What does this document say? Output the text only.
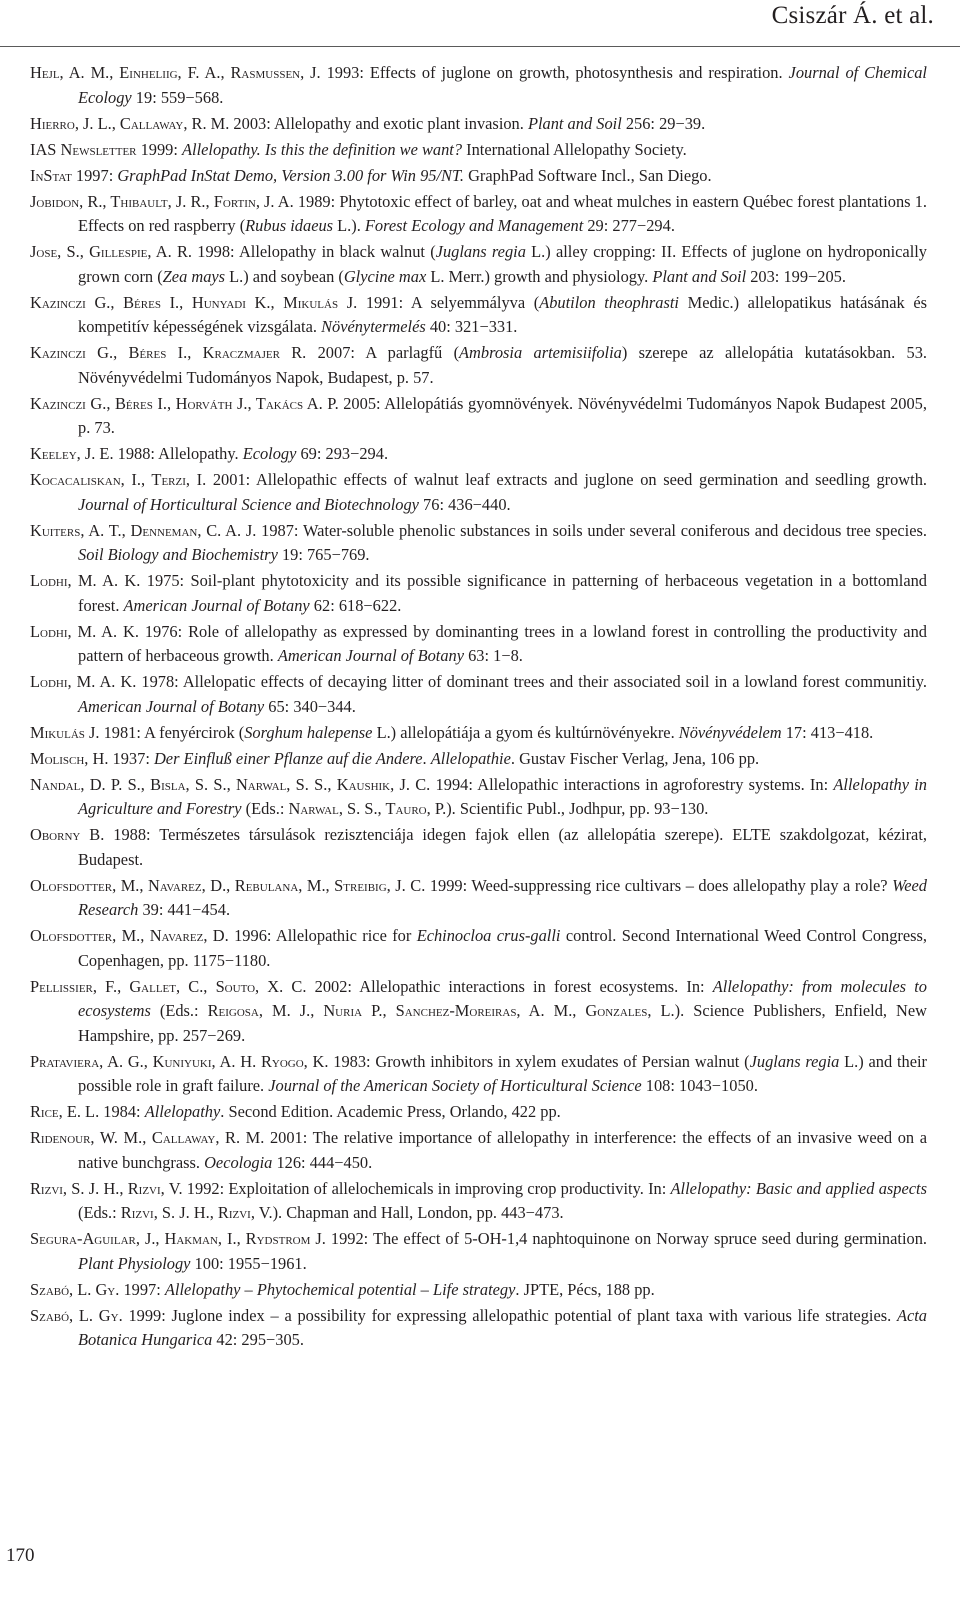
Csiszár Á. et al.

Hejl, A. M., Einheliig, F. A., Rasmussen, J. 1993: Effects of juglone on growth, photosynthesis and respiration. Journal of Chemical Ecology 19: 559−568.

Hierro, J. L., Callaway, R. M. 2003: Allelopathy and exotic plant invasion. Plant and Soil 256: 29−39.

IAS Newsletter 1999: Allelopathy. Is this the definition we want? International Allelopathy Society.

InStat 1997: GraphPad InStat Demo, Version 3.00 for Win 95/NT. GraphPad Software Incl., San Diego.

Jobidon, R., Thibault, J. R., Fortin, J. A. 1989: Phytotoxic effect of barley, oat and wheat mulches in eastern Québec forest plantations 1. Effects on red raspberry (Rubus idaeus L.). Forest Ecology and Management 29: 277−294.

Jose, S., Gillespie, A. R. 1998: Allelopathy in black walnut (Juglans regia L.) alley cropping: II. Effects of juglone on hydroponically grown corn (Zea mays L.) and soybean (Glycine max L. Merr.) growth and physiology. Plant and Soil 203: 199−205.

Kazinczi G., Béres I., Hunyadi K., Mikulás J. 1991: A selyemmályva (Abutilon theophrasti Medic.) allelopatikus hatásának és kompetitív képességének vizsgálata. Növénytermelés 40: 321−331.

Kazinczi G., Béres I., Kraczmajer R. 2007: A parlagfű (Ambrosia artemisiifolia) szerepe az allelopátia kutatásokban. 53. Növényvédelmi Tudományos Napok, Budapest, p. 57.

Kazinczi G., Béres I., Horváth J., Takács A. P. 2005: Allelopátiás gyomnövények. Növényvédelmi Tudományos Napok Budapest 2005, p. 73.

Keeley, J. E. 1988: Allelopathy. Ecology 69: 293−294.

Kocacaliskan, I., Terzi, I. 2001: Allelopathic effects of walnut leaf extracts and juglone on seed germination and seedling growth. Journal of Horticultural Science and Biotechnology 76: 436−440.

Kuiters, A. T., Denneman, C. A. J. 1987: Water-soluble phenolic substances in soils under several coniferous and decidous tree species. Soil Biology and Biochemistry 19: 765−769.

Lodhi, M. A. K. 1975: Soil-plant phytotoxicity and its possible significance in patterning of herbaceous vegetation in a bottomland forest. American Journal of Botany 62: 618−622.

Lodhi, M. A. K. 1976: Role of allelopathy as expressed by dominanting trees in a lowland forest in controlling the productivity and pattern of herbaceous growth. American Journal of Botany 63: 1−8.

Lodhi, M. A. K. 1978: Allelopatic effects of decaying litter of dominant trees and their associated soil in a lowland forest communitiy. American Journal of Botany 65: 340−344.

Mikulás J. 1981: A fenyércirok (Sorghum halepense L.) allelopátiája a gyom és kultúrnövényekre. Növényvédelem 17: 413−418.

Molisch, H. 1937: Der Einfluß einer Pflanze auf die Andere. Allelopathie. Gustav Fischer Verlag, Jena, 106 pp.

Nandal, D. P. S., Bisla, S. S., Narwal, S. S., Kaushik, J. C. 1994: Allelopathic interactions in agroforestry systems. In: Allelopathy in Agriculture and Forestry (Eds.: Narwal, S. S., Tauro, P.). Scientific Publ., Jodhpur, pp. 93−130.

Oborny B. 1988: Természetes társulások rezisztenciája idegen fajok ellen (az allelopátia szerepe). ELTE szakdolgozat, kézirat, Budapest.

Olofsdotter, M., Navarez, D., Rebulana, M., Streibig, J. C. 1999: Weed-suppressing rice cultivars – does allelopathy play a role? Weed Research 39: 441−454.

Olofsdotter, M., Navarez, D. 1996: Allelopathic rice for Echinocloa crus-galli control. Second International Weed Control Congress, Copenhagen, pp. 1175−1180.

Pellissier, F., Gallet, C., Souto, X. C. 2002: Allelopathic interactions in forest ecosystems. In: Allelopathy: from molecules to ecosystems (Eds.: Reigosa, M. J., Nuria P., Sanchez-Moreiras, A. M., Gonzales, L.). Science Publishers, Enfield, New Hampshire, pp. 257−269.

Prataviera, A. G., Kuniyuki, A. H. Ryogo, K. 1983: Growth inhibitors in xylem exudates of Persian walnut (Juglans regia L.) and their possible role in graft failure. Journal of the American Society of Horticultural Science 108: 1043−1050.

Rice, E. L. 1984: Allelopathy. Second Edition. Academic Press, Orlando, 422 pp.

Ridenour, W. M., Callaway, R. M. 2001: The relative importance of allelopathy in interference: the effects of an invasive weed on a native bunchgrass. Oecologia 126: 444−450.

Rizvi, S. J. H., Rizvi, V. 1992: Exploitation of allelochemicals in improving crop productivity. In: Allelopathy: Basic and applied aspects (Eds.: Rizvi, S. J. H., Rizvi, V.). Chapman and Hall, London, pp. 443−473.

Segura-Aguilar, J., Hakman, I., Rydstrom J. 1992: The effect of 5-OH-1,4 naphtoquinone on Norway spruce seed during germination. Plant Physiology 100: 1955−1961.

Szabó, L. Gy. 1997: Allelopathy – Phytochemical potential – Life strategy. JPTE, Pécs, 188 pp.

Szabó, L. Gy. 1999: Juglone index – a possibility for expressing allelopathic potential of plant taxa with various life strategies. Acta Botanica Hungarica 42: 295−305.

170
